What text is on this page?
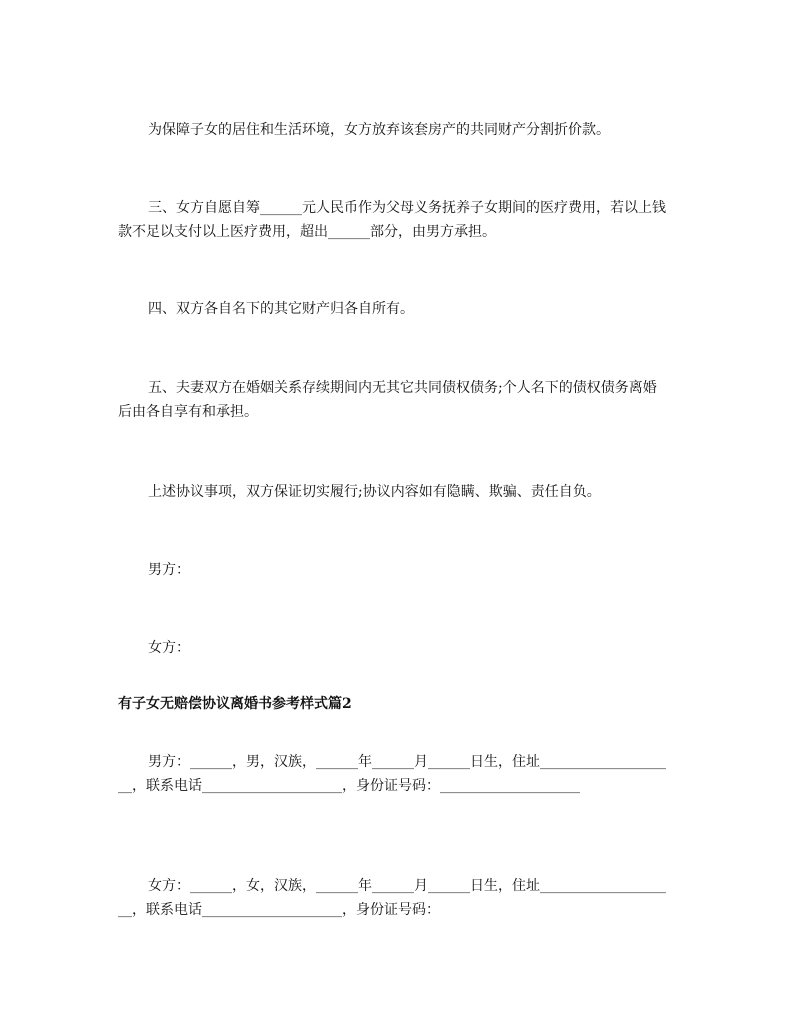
为保障子女的居住和生活环境，女方放弃该套房产的共同财产分割折价款。

三、女方自愿自筹______元人民币作为父母义务抚养子女期间的医疗费用，若以上钱款不足以支付以上医疗费用，超出______部分，由男方承担。

四、双方各自名下的其它财产归各自所有。

五、夫妻双方在婚姻关系存续期间内无其它共同债权债务;个人名下的债权债务离婚后由各自享有和承担。

上述协议事项，双方保证切实履行;协议内容如有隐瞒、欺骗、责任自负。

男方：

女方：

有子女无赔偿协议离婚书参考样式篇2

男方：______，男，汉族，______年______月______日生，住址____________________，联系电话____________________，身份证号码：____________________

女方：______，女，汉族，______年______月______日生，住址____________________，联系电话____________________，身份证号码：
